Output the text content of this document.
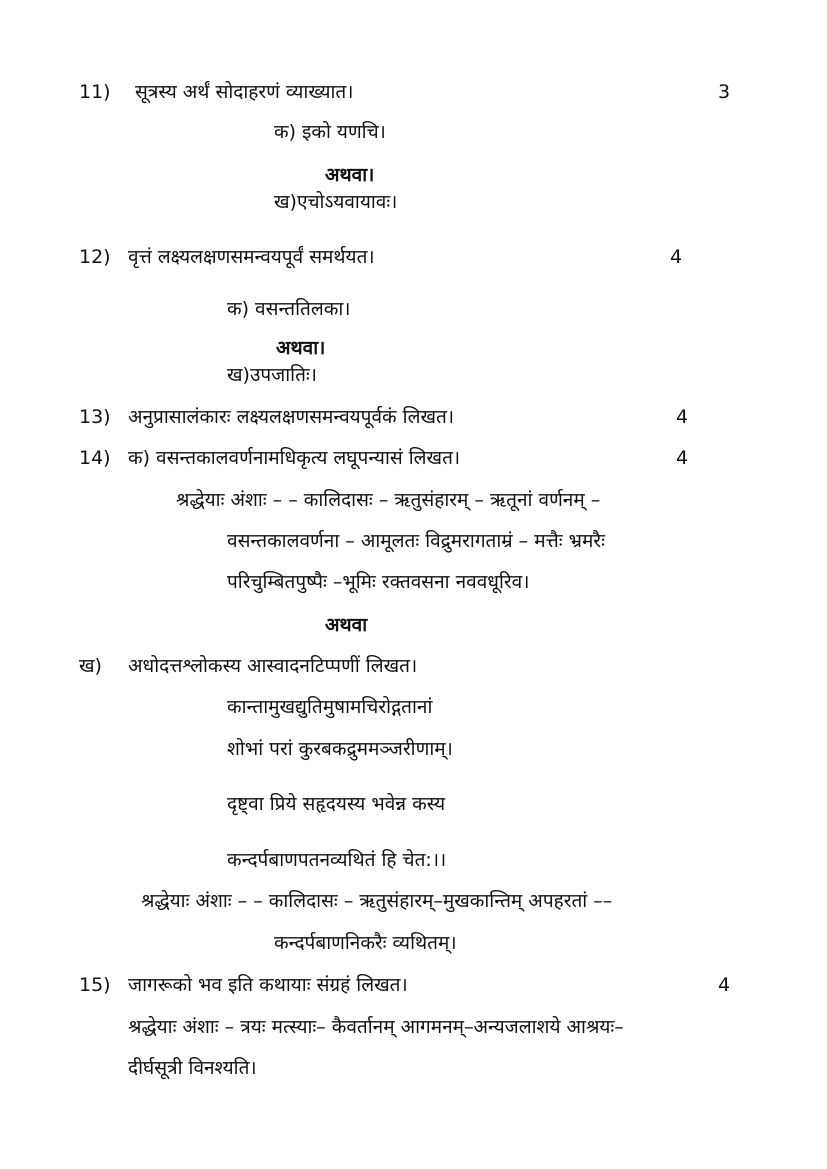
11) सूत्रस्य अर्थं सोदाहरणं व्याख्यात।	3
क) इको यणचि।
अथवा।
ख)एचोऽयवायावः।
12) वृत्तं लक्ष्यलक्षणसमन्वयपूर्वं समर्थयत।	4
क) वसन्ततिलका।
अथवा।
ख)उपजातिः।
13) अनुप्रासालंकारः लक्ष्यलक्षणसमन्वयपूर्वकं लिखत।	4
14) क) वसन्तकालवर्णनामधिकृत्य लघूपन्यासं लिखत।	4
श्रद्धेयाः अंशाः – – कालिदासः – ऋतुसंहारम् – ऋतूनां वर्णनम् –
वसन्तकालवर्णना – आमूलतः विद्रुमरागताम्रं – मत्तैः भ्रमरैः
परिचुम्बितपुष्पैः –भूमिः रक्तवसना नववधूरिव।
अथवा
ख) अधोदत्तश्लोकस्य आस्वादनटिप्पणीं लिखत।
कान्तामुखद्युतिमुषामचिरोद्गतानां
शोभां परां कुरबकद्रुममञ्जरीणाम्।
दृष्ट्वा प्रिये सहृदयस्य भवेन्न कस्य
कन्दर्पबाणपतनव्यथितं हि चेत:।।
श्रद्धेयाः अंशाः – – कालिदासः – ऋतुसंहारम्–मुखकान्तिम् अपहरतां ––
कन्दर्पबाणनिकरैः व्यथितम्।
15) जागरूको भव इति कथायाः संग्रहं लिखत।	4
श्रद्धेयाः अंशाः – त्रयः मत्स्याः– कैवर्तानम् आगमनम्–अन्यजलाशये आश्रयः–
दीर्घसूत्री विनश्यति।
